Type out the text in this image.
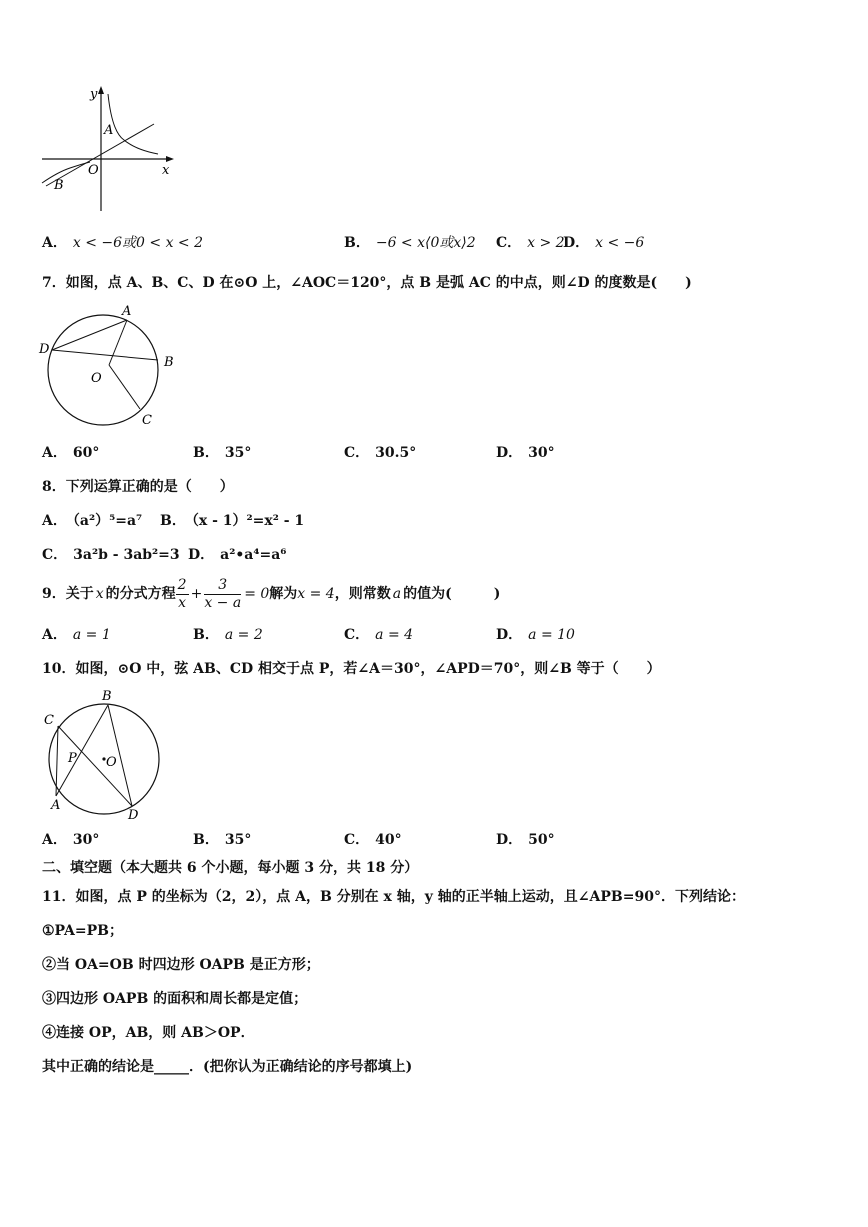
y
x
O
A
B
A． x < −6或0 < x < 2	B． −6 < x⟨0或x⟩2 C． x > 2
D． x < −6
7．如图，点 A、B、C、D 在⊙O 上，∠AOC＝120°，点 B 是弧 AC 的中点，则∠D 的度数是(　　)
A
B
C
D
O
A． 60°	B． 35°	C． 30.5°	D． 30°
8．下列运算正确的是（　　）
A． （a²）⁵=a⁷	B． （x - 1）²=x² - 1
C． 3a²b - 3ab²=3 D． a²•a⁴=a⁶
9．关于 x 的分式方程 $\frac{2}{x} + \frac{3}{x - a} = 0$ 解为 x = 4 ，则常数 a 的值为(　　　)
A． a = 1	B． a = 2	C． a = 4	D． a = 10
10．如图，⊙O 中，弦 AB、CD 相交于点 P，若∠A＝30°，∠APD＝70°，则∠B 等于（　　）
A
B
C
D
P O
A． 30°	B． 35°	C． 40°	D． 50°
二、填空题（本大题共 6 个小题，每小题 3 分，共 18 分）
11．如图，点 P 的坐标为（2，2），点 A，B 分别在 x 轴，y 轴的正半轴上运动，且∠APB=90°．下列结论：
①PA=PB；
②当 OA=OB 时四边形 OAPB 是正方形；
③四边形 OAPB 的面积和周长都是定值；
④连接 OP，AB，则 AB＞OP．
其中正确的结论是_____．(把你认为正确结论的序号都填上)
